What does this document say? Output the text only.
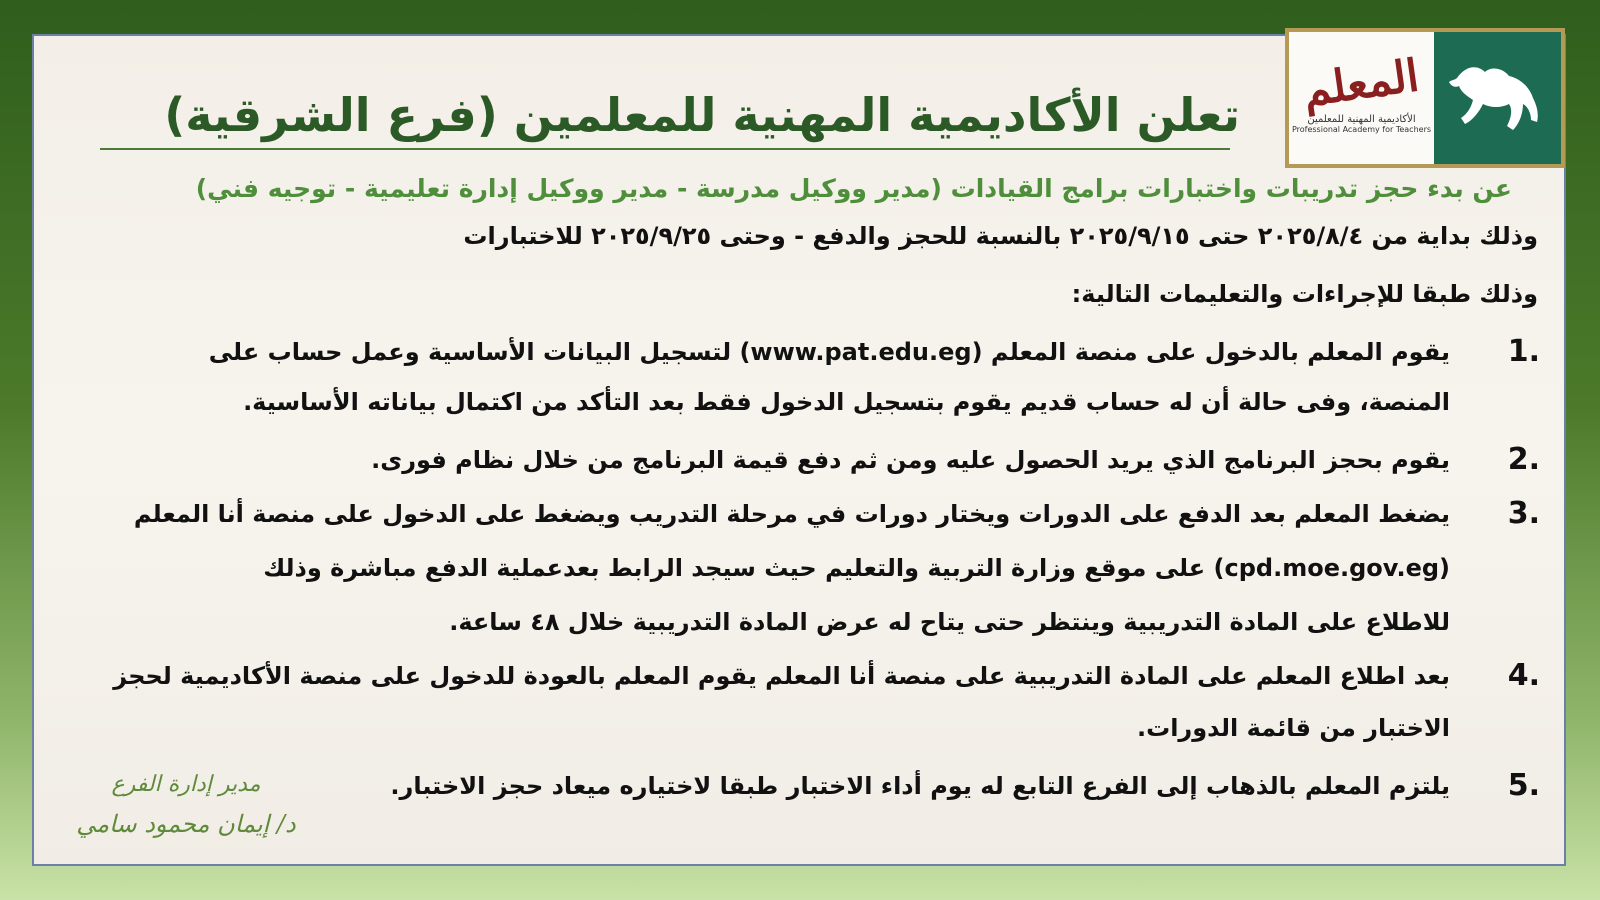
المعلم
الأكاديمية المهنية للمعلمين
Professional Academy for Teachers
تعلن الأكاديمية المهنية للمعلمين (فرع الشرقية)
عن بدء حجز تدريبات واختبارات برامج القيادات (مدير ووكيل مدرسة - مدير ووكيل إدارة تعليمية - توجيه فني)
وذلك بداية من ٢٠٢٥/٨/٤ حتى ٢٠٢٥/٩/١٥ بالنسبة للحجز والدفع - وحتى ٢٠٢٥/٩/٢٥ للاختبارات
وذلك طبقا للإجراءات والتعليمات التالية:
1.
يقوم المعلم بالدخول على منصة المعلم (www.pat.edu.eg) لتسجيل البيانات الأساسية وعمل حساب على
المنصة، وفى حالة أن له حساب قديم يقوم بتسجيل الدخول فقط بعد التأكد من اكتمال بياناته الأساسية.
2.
يقوم بحجز البرنامج الذي يريد الحصول عليه ومن ثم دفع قيمة البرنامج من خلال نظام فورى.
3.
يضغط المعلم بعد الدفع على الدورات ويختار دورات في مرحلة التدريب ويضغط على الدخول على منصة أنا المعلم
(cpd.moe.gov.eg) على موقع وزارة التربية والتعليم حيث سيجد الرابط بعدعملية الدفع مباشرة وذلك
للاطلاع على المادة التدريبية وينتظر حتى يتاح له عرض المادة التدريبية خلال ٤٨ ساعة.
4.
بعد اطلاع المعلم على المادة التدريبية على منصة أنا المعلم يقوم المعلم بالعودة للدخول على منصة الأكاديمية لحجز
الاختبار من قائمة الدورات.
5.
يلتزم المعلم بالذهاب إلى الفرع التابع له يوم أداء الاختبار طبقا لاختياره ميعاد حجز الاختبار.
مدير إدارة الفرع
د/ إيمان محمود سامي
